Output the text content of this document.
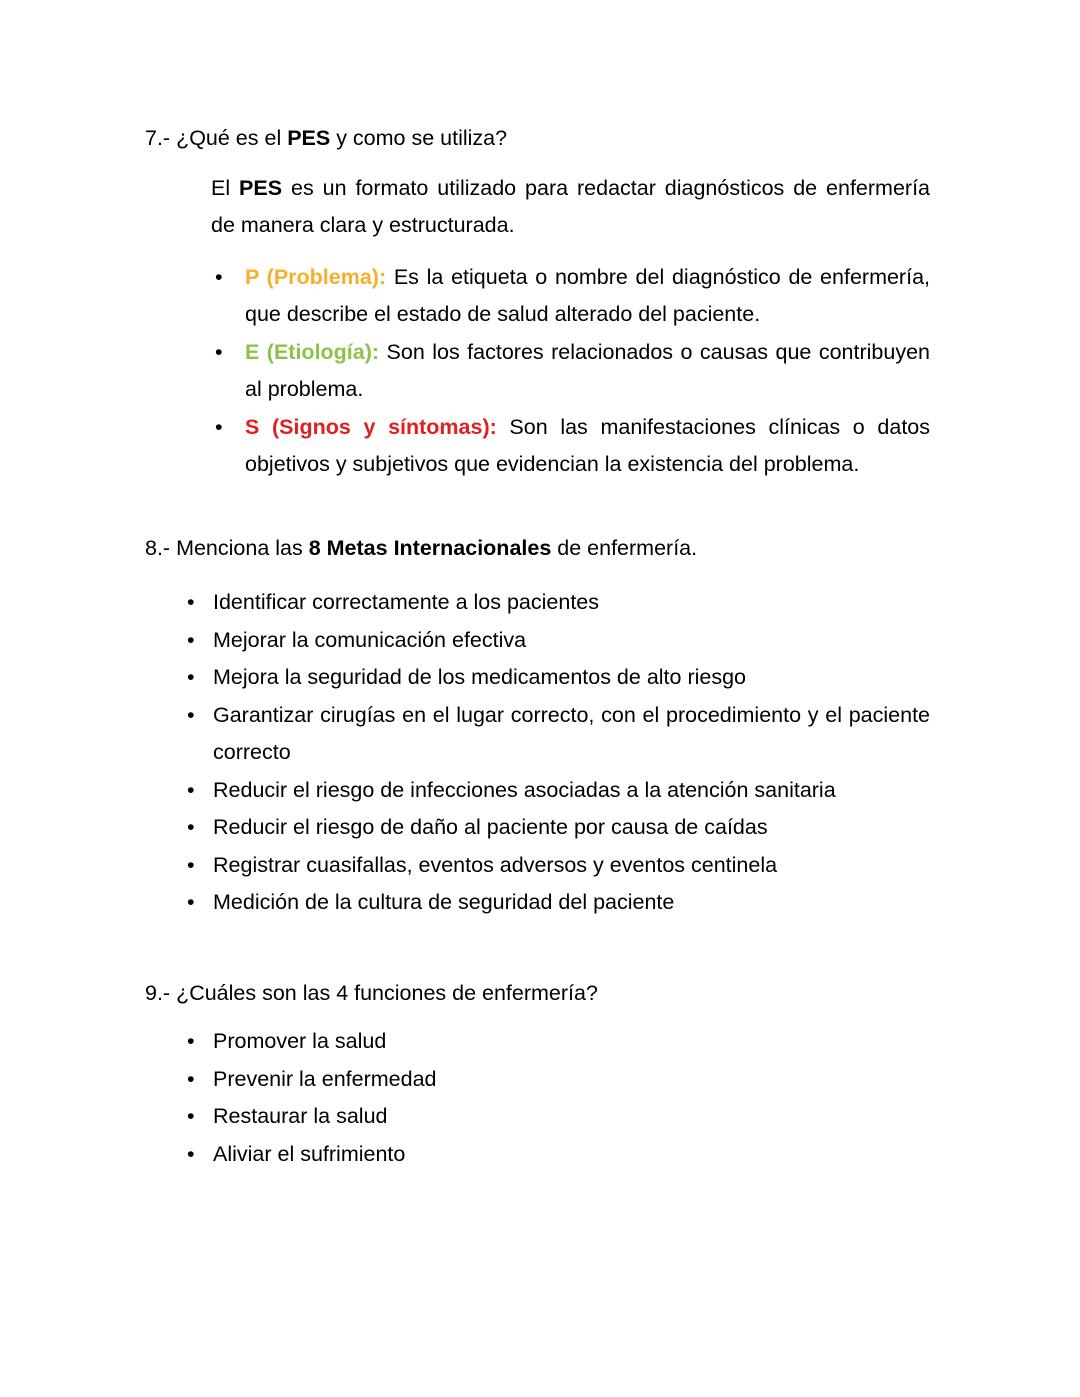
7.- ¿Qué es el PES y como se utiliza?

El PES es un formato utilizado para redactar diagnósticos de enfermería de manera clara y estructurada.

• P (Problema): Es la etiqueta o nombre del diagnóstico de enfermería, que describe el estado de salud alterado del paciente.
• E (Etiología): Son los factores relacionados o causas que contribuyen al problema.
• S (Signos y síntomas): Son las manifestaciones clínicas o datos objetivos y subjetivos que evidencian la existencia del problema.
8.- Menciona las 8 Metas Internacionales de enfermería.
• Identificar correctamente a los pacientes
• Mejorar la comunicación efectiva
• Mejora la seguridad de los medicamentos de alto riesgo
• Garantizar cirugías en el lugar correcto, con el procedimiento y el paciente correcto
• Reducir el riesgo de infecciones asociadas a la atención sanitaria
• Reducir el riesgo de daño al paciente por causa de caídas
• Registrar cuasifallas, eventos adversos y eventos centinela
• Medición de la cultura de seguridad del paciente
9.- ¿Cuáles son las 4 funciones de enfermería?
• Promover la salud
• Prevenir la enfermedad
• Restaurar la salud
• Aliviar el sufrimiento
